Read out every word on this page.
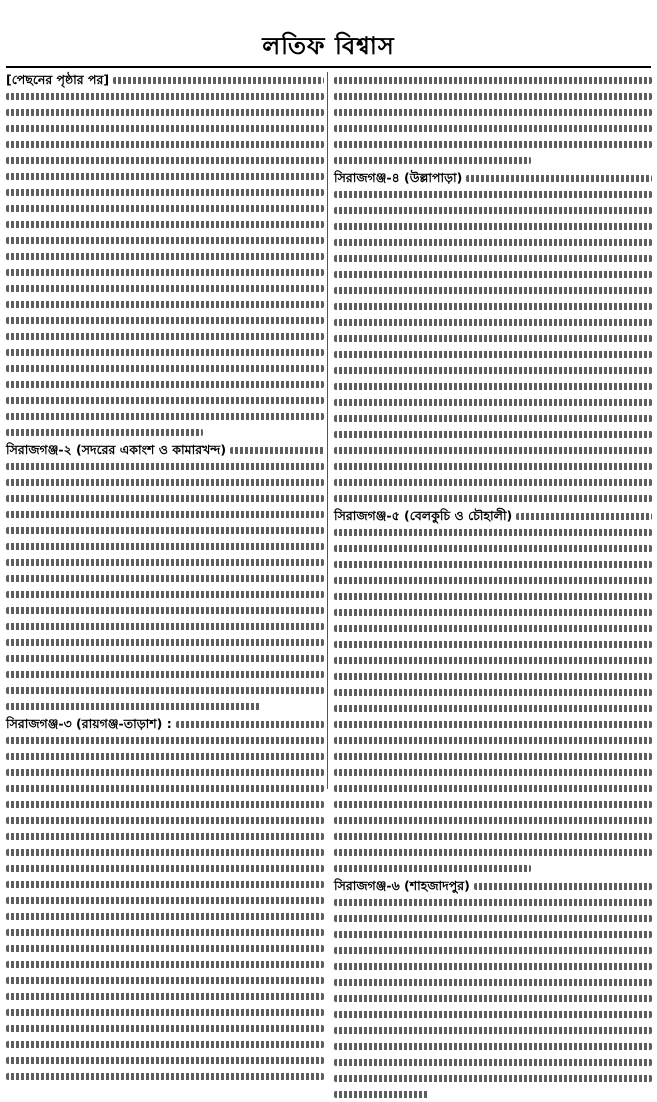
লতিফ বিশ্বাস
[পেছনের পৃষ্ঠার পর]
সিরাজগঞ্জ-২ (সদরের একাংশ ও কামারখন্দ)
সিরাজগঞ্জ-৩ (রায়গঞ্জ-তাড়াশ) :
সিরাজগঞ্জ-৪ (উল্লাপাড়া)
সিরাজগঞ্জ-৫ (বেলকুচি ও চৌহালী)
সিরাজগঞ্জ-৬ (শাহজাদপুর)
